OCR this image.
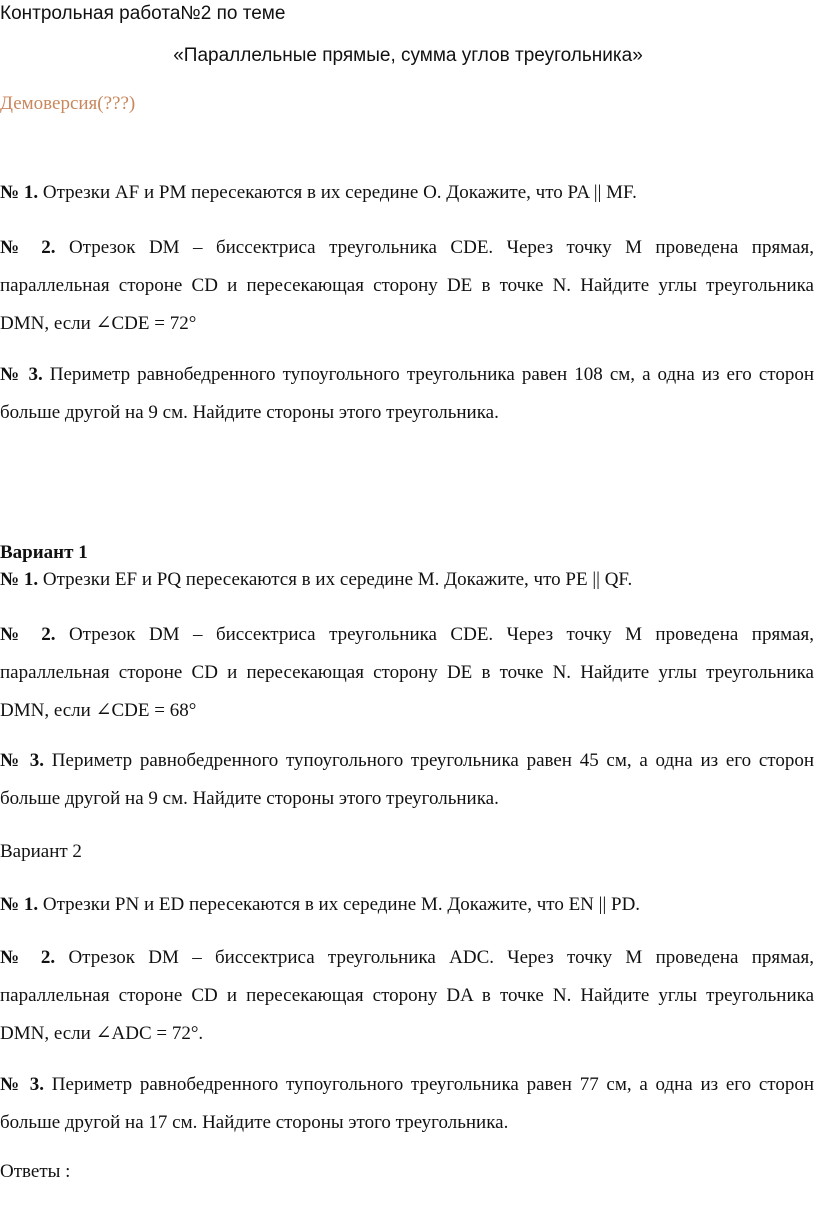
Контрольная работа№2 по теме

«Параллельные прямые, сумма углов треугольника»

Демоверсия(???)

№ 1. Отрезки AF и PM пересекаются в их середине O. Докажите, что PA || MF.

№ 2. Отрезок DM – биссектриса треугольника CDE. Через точку M проведена прямая, параллельная стороне CD и пересекающая сторону DE в точке N. Найдите углы треугольника DMN, если ∠CDE = 72°

№ 3. Периметр равнобедренного тупоугольного треугольника равен 108 см, а одна из его сторон больше другой на 9 см. Найдите стороны этого треугольника.

Вариант 1

№ 1. Отрезки EF и PQ пересекаются в их середине M. Докажите, что PE || QF.

№ 2. Отрезок DM – биссектриса треугольника CDE. Через точку M проведена прямая, параллельная стороне CD и пересекающая сторону DE в точке N. Найдите углы треугольника DMN, если ∠CDE = 68°

№ 3. Периметр равнобедренного тупоугольного треугольника равен 45 см, а одна из его сторон больше другой на 9 см. Найдите стороны этого треугольника.

Вариант 2

№ 1. Отрезки PN и ED пересекаются в их середине M. Докажите, что EN || PD.

№ 2. Отрезок DM – биссектриса треугольника ADC. Через точку M проведена прямая, параллельная стороне CD и пересекающая сторону DA в точке N. Найдите углы треугольника DMN, если ∠ADC = 72°.

№ 3. Периметр равнобедренного тупоугольного треугольника равен 77 см, а одна из его сторон больше другой на 17 см. Найдите стороны этого треугольника.

Ответы :
